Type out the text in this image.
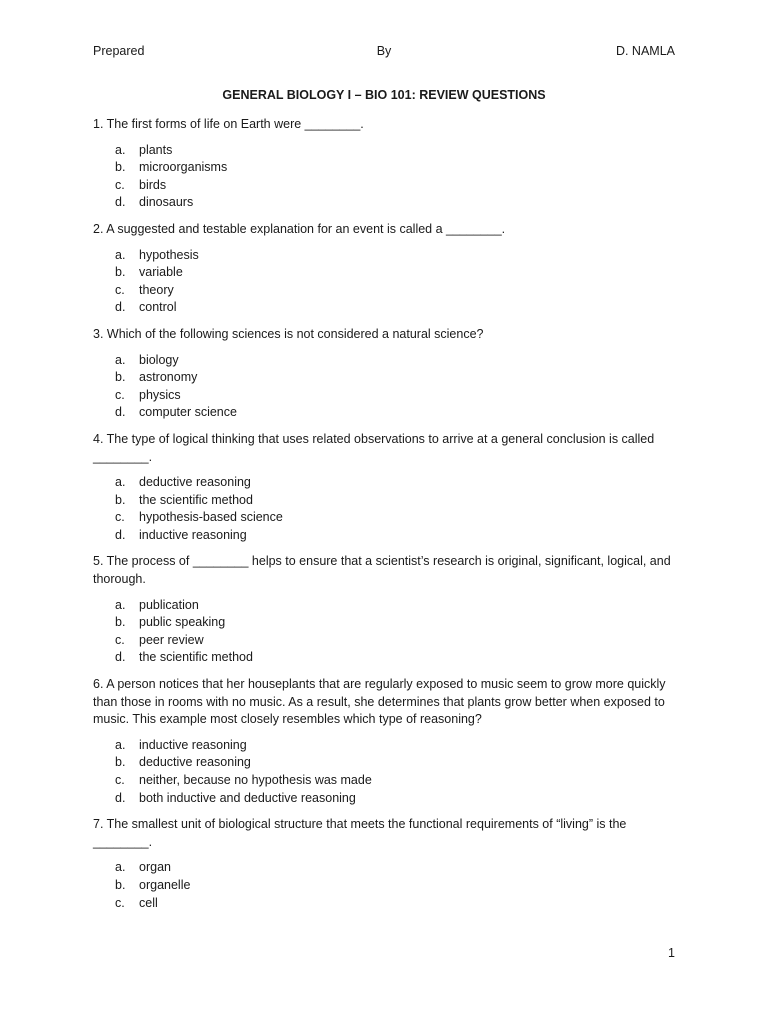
Prepared	By	D. NAMLA
GENERAL BIOLOGY I – BIO 101: REVIEW QUESTIONS
1. The first forms of life on Earth were ________.
a. plants
b. microorganisms
c. birds
d. dinosaurs
2. A suggested and testable explanation for an event is called a ________.
a. hypothesis
b. variable
c. theory
d. control
3. Which of the following sciences is not considered a natural science?
a. biology
b. astronomy
c. physics
d. computer science
4. The type of logical thinking that uses related observations to arrive at a general conclusion is called ________.
a. deductive reasoning
b. the scientific method
c. hypothesis-based science
d. inductive reasoning
5. The process of ________ helps to ensure that a scientist’s research is original, significant, logical, and thorough.
a. publication
b. public speaking
c. peer review
d. the scientific method
6. A person notices that her houseplants that are regularly exposed to music seem to grow more quickly than those in rooms with no music. As a result, she determines that plants grow better when exposed to music. This example most closely resembles which type of reasoning?
a. inductive reasoning
b. deductive reasoning
c. neither, because no hypothesis was made
d. both inductive and deductive reasoning
7. The smallest unit of biological structure that meets the functional requirements of “living” is the ________.
a. organ
b. organelle
c. cell
1
